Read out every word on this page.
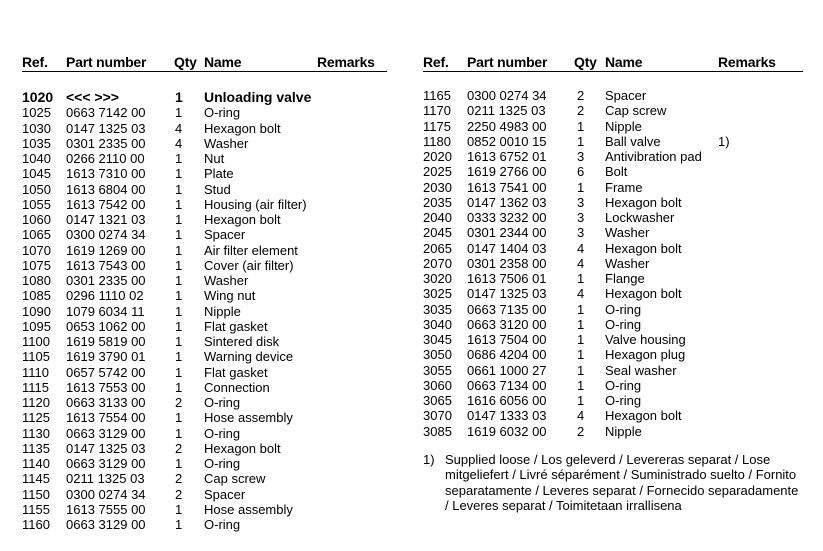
Ref. Part number Qty Name	Remarks
1020 <<< >>>	1 Unloading valve
1025 0663 7142 00 1 O-ring
1030 0147 1325 03 4 Hexagon bolt
1035 0301 2335 00 4 Washer
1040 0266 2110 00 1 Nut
1045 1613 7310 00 1 Plate
1050 1613 6804 00 1 Stud
1055 1613 7542 00 1 Housing (air filter)
1060 0147 1321 03 1 Hexagon bolt
1065 0300 0274 34 1 Spacer
1070 1619 1269 00 1 Air filter element
1075 1613 7543 00 1 Cover (air filter)
1080 0301 2335 00 1 Washer
1085 0296 1110 02 1 Wing nut
1090 1079 6034 11 1 Nipple
1095 0653 1062 00 1 Flat gasket
1100 1619 5819 00 1 Sintered disk
1105 1619 3790 01 1 Warning device
1110 0657 5742 00 1 Flat gasket
1115 1613 7553 00 1 Connection
1120 0663 3133 00 2 O-ring
1125 1613 7554 00 1 Hose assembly
1130 0663 3129 00 1 O-ring
1135 0147 1325 03 2 Hexagon bolt
1140 0663 3129 00 1 O-ring
1145 0211 1325 03 2 Cap screw
1150 0300 0274 34 2 Spacer
1155 1613 7555 00 1 Hose assembly
1160 0663 3129 00 1 O-ring
Ref. Part number Qty Name	Remarks
1165 0300 0274 34 2 Spacer
1170 0211 1325 03 2 Cap screw
1175 2250 4983 00 1 Nipple
1180 0852 0010 15 1 Ball valve	1)
2020 1613 6752 01 3 Antivibration pad
2025 1619 2766 00 6 Bolt
2030 1613 7541 00 1 Frame
2035 0147 1362 03 3 Hexagon bolt
2040 0333 3232 00 3 Lockwasher
2045 0301 2344 00 3 Washer
2065 0147 1404 03 4 Hexagon bolt
2070 0301 2358 00 4 Washer
3020 1613 7506 01 1 Flange
3025 0147 1325 03 4 Hexagon bolt
3035 0663 7135 00 1 O-ring
3040 0663 3120 00 1 O-ring
3045 1613 7504 00 1 Valve housing
3050 0686 4204 00 1 Hexagon plug
3055 0661 1000 27 1 Seal washer
3060 0663 7134 00 1 O-ring
3065 1616 6056 00 1 O-ring
3070 0147 1333 03 4 Hexagon bolt
3085 1619 6032 00 2 Nipple
1) Supplied loose / Los geleverd / Levereras separat / Lose mitgeliefert / Livré séparément / Suministrado suelto / Fornito separatamente / Leveres separat / Fornecido separadamente / Leveres separat / Toimitetaan irrallisena
